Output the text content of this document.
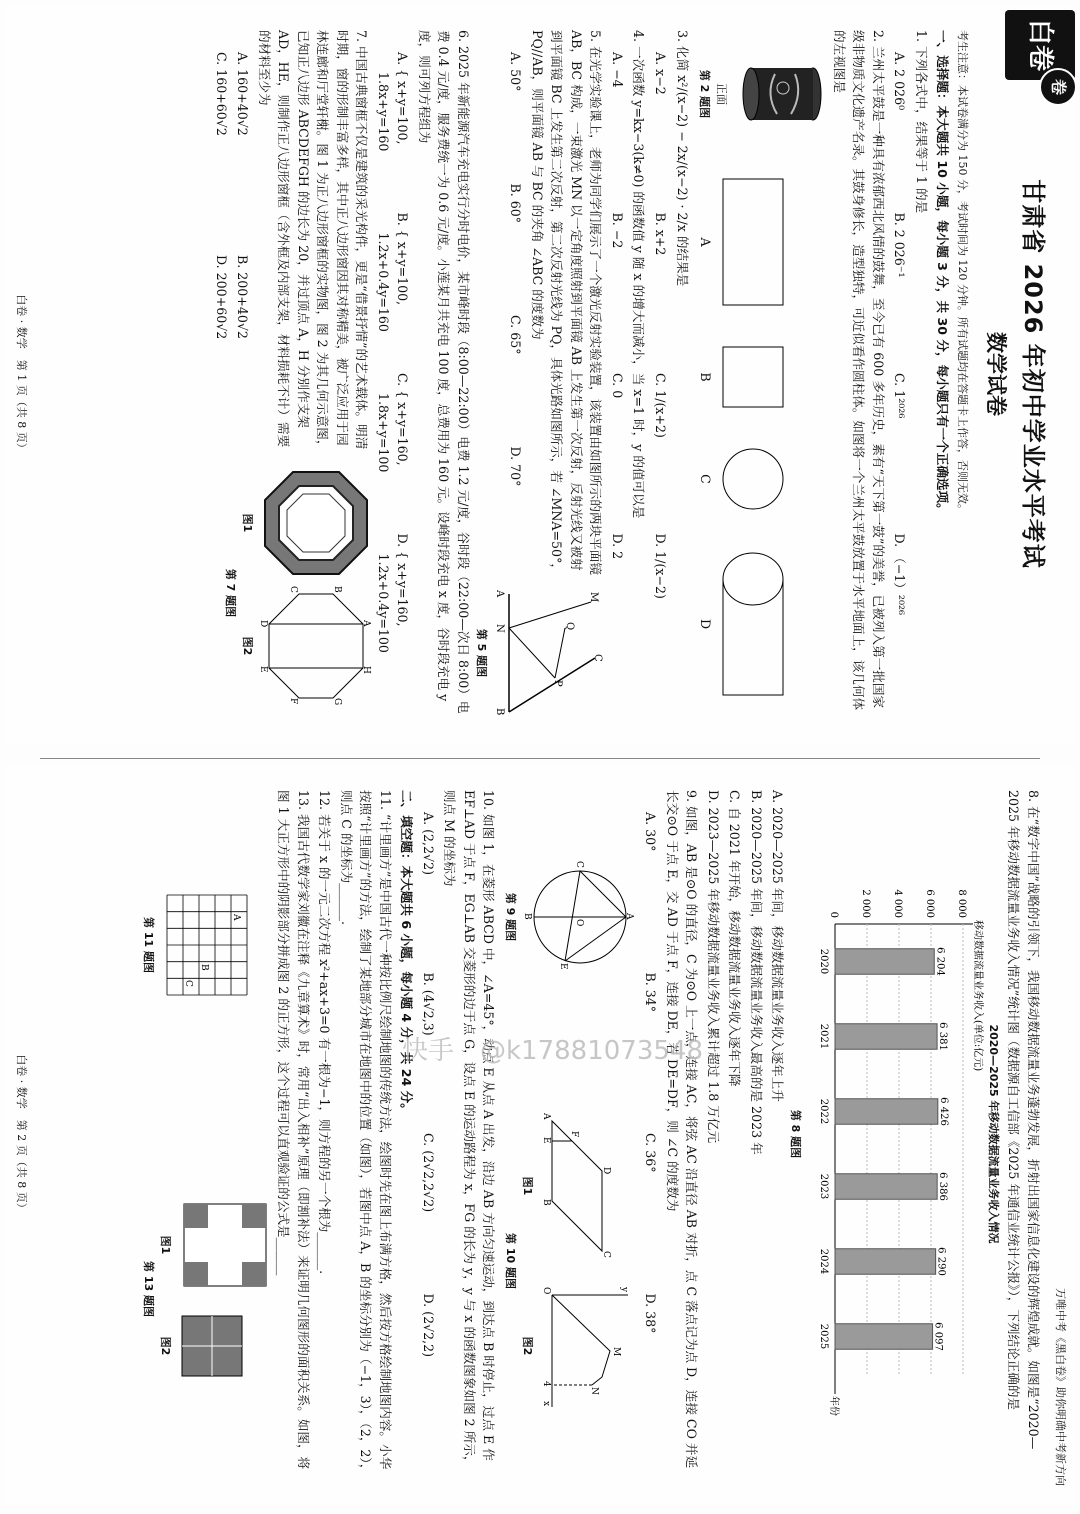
白卷
卷
甘肃省 2026 年初中学业水平考试
数学试卷

考生注意：本试卷满分为 150 分，考试时间为 120 分钟。所有试题均在答题卡上作答，否则无效。

一、选择题：本大题共 10 小题，每小题 3 分，共 30 分，每小题只有一个正确选项。

1. 下列各式中，结果等于 1 的是

A. 2 026⁰
B. 2 026⁻¹
C. 1²⁰²⁶
D. （−1）²⁰²⁶

2. 兰州太平鼓是一种具有浓郁西北风情的鼓舞，至今已有 600 多年历史，素有“天下第一鼓”的美誉，已被列入第一批国家级非物质文化遗产名录。其鼓身修长，造型独特，可近似看作圆柱体。如图将一个兰州太平鼓放置于水平地面上，该几何体的左视图是

正面
第 2 题图
A
B
C
D

3. 化简 x²/(x−2) − 2x/(x−2) · 2/x 的结果是

A. x−2
B. x+2
C. 1/(x+2)
D. 1/(x−2)

4. 一次函数 y=kx−3(k≠0) 的函数值 y 随 x 的增大而减小，当 x=1 时，y 的值可以是

A. −4
B. −2
C. 0
D. 2

5. 在光学实验课上，老师为同学们展示了一个激光反射实验装置，该装置由如图所示的两块平面镜 AB，BC 构成，一束激光 MN 以一定角度照射到平面镜 AB 上发生第一次反射，反射光线又被射到平面镜 BC 上发生第二次反射，第二次反射光线为 PQ，具体光路如图所示，若 ∠MNA=50°，PQ//AB，则平面镜 AB 与 BC 的夹角 ∠ABC 的度数为

A. 50°
B. 60°
C. 65°
D. 70°
M
N
A
B
C
P
Q
第 5 题图

6. 2025 年新能源汽车充电实行分时电价，某市峰时段（8:00—22:00）电费 1.2 元/度，谷时段（22:00—次日 8:00）电费 0.4 元/度，服务费统一为 0.6 元/度。小莲某月共充电 100 度，总费用为 160 元。设峰时段充电 x 度，谷时段充电 y 度，则可列方程组为

A. { x+y=100,
1.8x+y=160
B. { x+y=100,
1.2x+0.4y=160
C. { x+y=160,
1.8x+y=100
D. { x+y=160,
1.2x+0.4y=100

7. 中国古典窗框不仅是建筑的采光构件，更是“借景抒情”的艺术载体。明清时期，窗的形制丰富多样，其中正八边形窗因其对称精美，被广泛应用于园林连廊和厅堂轩榭。图 1 为正八边形窗框的实物图，图 2 为其几何示意图，已知正八边形 ABCDEFGH 的边长为 20，并过顶点 A，H 分别作支架 AD，HE，则制作正八边形窗框（含外框及内部支架，材料损耗不计）需要的材料至少为

A. 160+40√2
B. 200+40√2
C. 160+60√2
D. 200+60√2
图1
A
H
G
F
E
D
C	B
图2
第 7 题图
白卷 · 数学　第 1 页（共 8 页）
万唯中考《黑白卷》助你明确中考新方向

8. 在“数字中国”战略的引领下，我国移动数据流量业务蓬勃发展，折射出国家信息化建设的辉煌成就。如图是“2020—2025 年移动数据流量业务收入情况”统计图（数据源自工信部《2025 年通信业统计公报》），下列结论正确的是

2020—2025 年移动数据流量业务收入情况
移动数据流量业务收入(单位:亿元)
年份
0 2 000 4 000 6 000 8 000
6 204
2020
6 381
2021
6 426
2022
6 386
2023
6 290
2024
6 097
2025
第 8 题图

A. 2020—2025 年间，移动数据流量业务收入逐年上升

B. 2020—2025 年间，移动数据流量业务收入最高的是 2023 年

C. 自 2021 年开始，移动数据流量业务收入逐年下降

D. 2023—2025 年移动数据流量业务收入累计超过 1.8 万亿元

9. 如图，AB 是⊙O 的直径，C 为⊙O 上一点，连接 AC，将弦 AC 沿直径 AB 对折，点 C 落点记为点 D，连接 CO 并延长交⊙O 于点 E，交 AD 于点 F，连接 DE，若 DE=DF，则 ∠C 的度数为

A. 30°
B. 34°
C. 36°
D. 38°
A
B
C
E
O
第 9 题图
A
B
C
D
E
F
图1
y
x
O
M
N
4
图2
第 10 题图

10. 如图 1，在菱形 ABCD 中，∠A=45°，动点 E 从点 A 出发，沿边 AB 方向匀速运动，到达点 B 时停止，过点 E 作 EF⊥AD 于点 F，EG⊥AB 交菱形的边于点 G，设点 E 的运动路程为 x，FG 的长为 y，y 与 x 的函数图象如图 2 所示，则点 M 的坐标为

A. (2,2√2)
B. (4√2,3)
C. (2√2,2√2)
D. (2√2,2)

二、填空题：本大题共 6 小题，每小题 4 分，共 24 分。

11. “计里画方”是中国古代一种按比例尺绘制地图的传统方法，绘图时先在图上布满方格，然后按方格绘制地图内容。小华按照“计里画方”的方法，绘制了某地部分城市在地图中的位置（如图），若图中点 A，B 的坐标分别为（−1，3），（2，2），则点 C 的坐标为______.

12. 若关于 x 的一元二次方程 x²+ax+3=0 有一根为−1，则方程的另一个根为______.

13. 我国古代数学家刘徽在注释《九章算术》时，常用“出入相补”原理（即割补法）来证明几何图形的面积关系。如图，将图 1 大正方形中的阴影部分拼成图 2 的正方形，这个过程可以直观验证的公式是______

A
B
C
第 11 题图
图1
图2
第 13 题图
白卷 · 数学　第 2 页（共 8 页）
快手　@k17881073548
